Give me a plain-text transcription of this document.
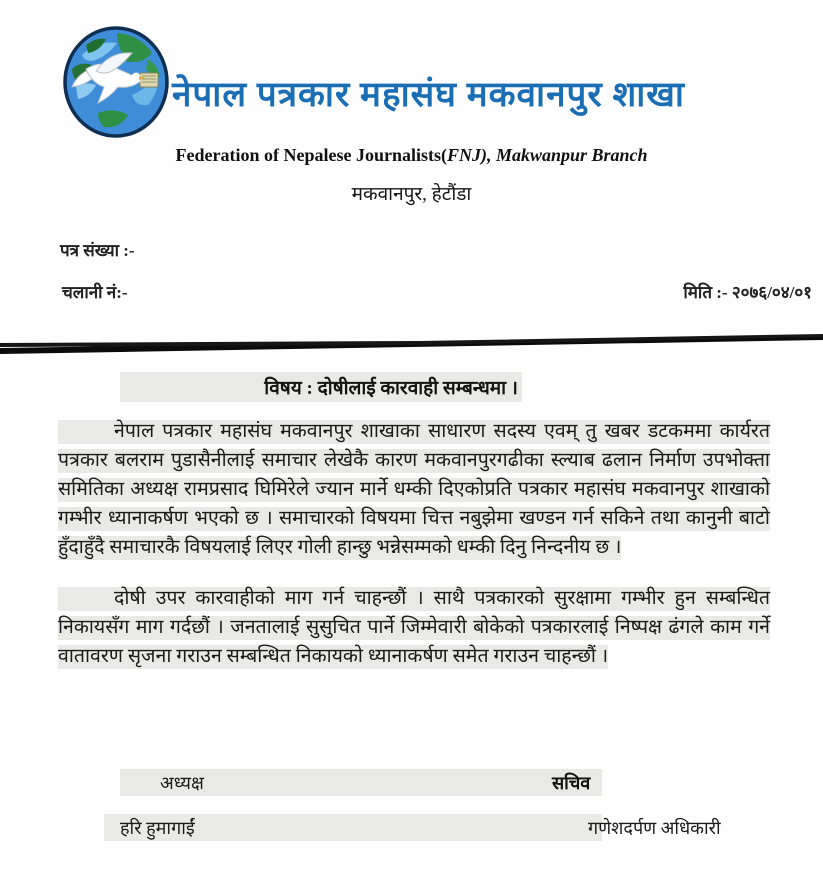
नेपाल पत्रकार महासंघ मकवानपुर शाखा
Federation of Nepalese Journalists(FNJ), Makwanpur Branch
मकवानपुर, हेटौंडा
पत्र संख्या :-
चलानी नं:-	मिति :- २०७६/०४/०१
विषय : दोषीलाई कारवाही सम्बन्धमा ।

नेपाल पत्रकार महासंघ मकवानपुर शाखाका साधारण सदस्य एवम् तु खबर डटकममा कार्यरत पत्रकार बलराम पुडासैनीलाई समाचार लेखेकै कारण मकवानपुरगढीका स्ल्याब ढलान निर्माण उपभोक्ता समितिका अध्यक्ष रामप्रसाद घिमिरेले ज्यान मार्ने धम्की दिएकोप्रति पत्रकार महासंघ मकवानपुर शाखाको गम्भीर ध्यानाकर्षण भएको छ । समाचारको विषयमा चित्त नबुझेमा खण्डन गर्न सकिने तथा कानुनी बाटो हुँदाहुँदै समाचारकै विषयलाई लिएर गोली हान्छु भन्नेसम्मको धम्की दिनु निन्दनीय छ ।

दोषी उपर कारवाहीको माग गर्न चाहन्छौं । साथै पत्रकारको सुरक्षामा गम्भीर हुन सम्बन्धित निकायसँग माग गर्दछौं । जनतालाई सुसुचित पार्ने जिम्मेवारी बोकेको पत्रकारलाई निष्पक्ष ढंगले काम गर्ने वातावरण सृजना गराउन सम्बन्धित निकायको ध्यानाकर्षण समेत गराउन चाहन्छौं ।

अध्यक्ष	सचिव
हरि हुमागाईं	गणेशदर्पण अधिकारी
